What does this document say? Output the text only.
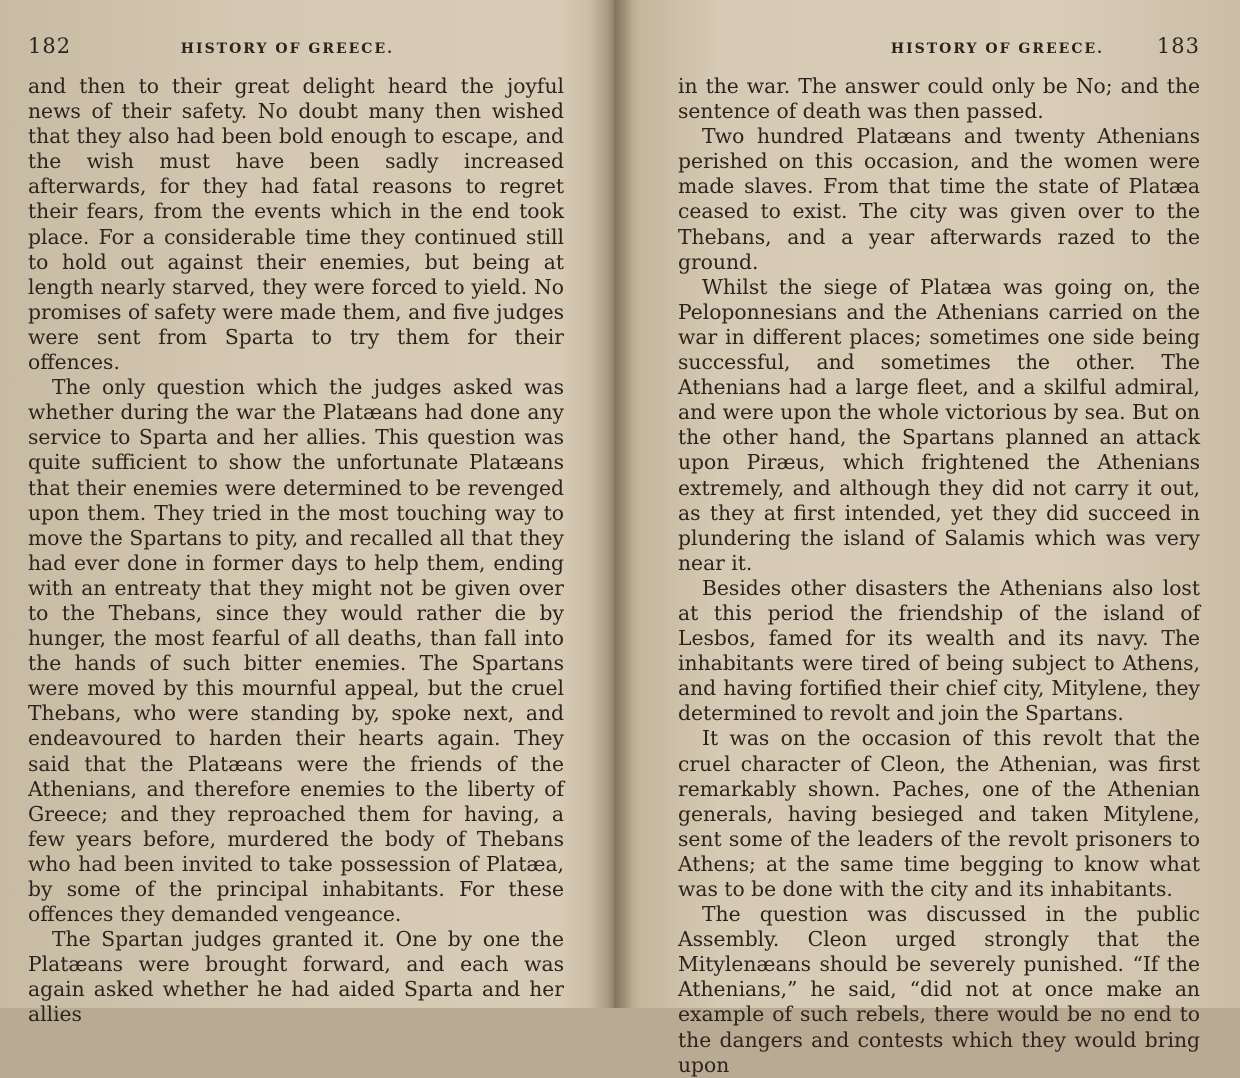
182	HISTORY OF GREECE.

and then to their great delight heard the joyful news of their safety. No doubt many then wished that they also had been bold enough to escape, and the wish must have been sadly increased afterwards, for they had fatal reasons to regret their fears, from the events which in the end took place. For a considerable time they continued still to hold out against their enemies, but being at length nearly starved, they were forced to yield. No promises of safety were made them, and five judges were sent from Sparta to try them for their offences.

The only question which the judges asked was whether during the war the Platæans had done any service to Sparta and her allies. This question was quite sufficient to show the unfortunate Platæans that their enemies were determined to be revenged upon them. They tried in the most touching way to move the Spartans to pity, and recalled all that they had ever done in former days to help them, ending with an entreaty that they might not be given over to the Thebans, since they would rather die by hunger, the most fearful of all deaths, than fall into the hands of such bitter enemies. The Spartans were moved by this mournful appeal, but the cruel Thebans, who were standing by, spoke next, and endeavoured to harden their hearts again. They said that the Platæans were the friends of the Athenians, and therefore enemies to the liberty of Greece; and they reproached them for having, a few years before, murdered the body of Thebans who had been invited to take possession of Platæa, by some of the principal inhabitants. For these offences they demanded vengeance.

The Spartan judges granted it. One by one the Platæans were brought forward, and each was again asked whether he had aided Sparta and her allies

HISTORY OF GREECE.	183

in the war. The answer could only be No; and the sentence of death was then passed.

Two hundred Platæans and twenty Athenians perished on this occasion, and the women were made slaves. From that time the state of Platæa ceased to exist. The city was given over to the Thebans, and a year afterwards razed to the ground.

Whilst the siege of Platæa was going on, the Peloponnesians and the Athenians carried on the war in different places; sometimes one side being successful, and sometimes the other. The Athenians had a large fleet, and a skilful admiral, and were upon the whole victorious by sea. But on the other hand, the Spartans planned an attack upon Piræus, which frightened the Athenians extremely, and although they did not carry it out, as they at first intended, yet they did succeed in plundering the island of Salamis which was very near it.

Besides other disasters the Athenians also lost at this period the friendship of the island of Lesbos, famed for its wealth and its navy. The inhabitants were tired of being subject to Athens, and having fortified their chief city, Mitylene, they determined to revolt and join the Spartans.

It was on the occasion of this revolt that the cruel character of Cleon, the Athenian, was first remarkably shown. Paches, one of the Athenian generals, having besieged and taken Mitylene, sent some of the leaders of the revolt prisoners to Athens; at the same time begging to know what was to be done with the city and its inhabitants.

The question was discussed in the public Assembly. Cleon urged strongly that the Mitylenæans should be severely punished. “If the Athenians,” he said, “did not at once make an example of such rebels, there would be no end to the dangers and contests which they would bring upon
